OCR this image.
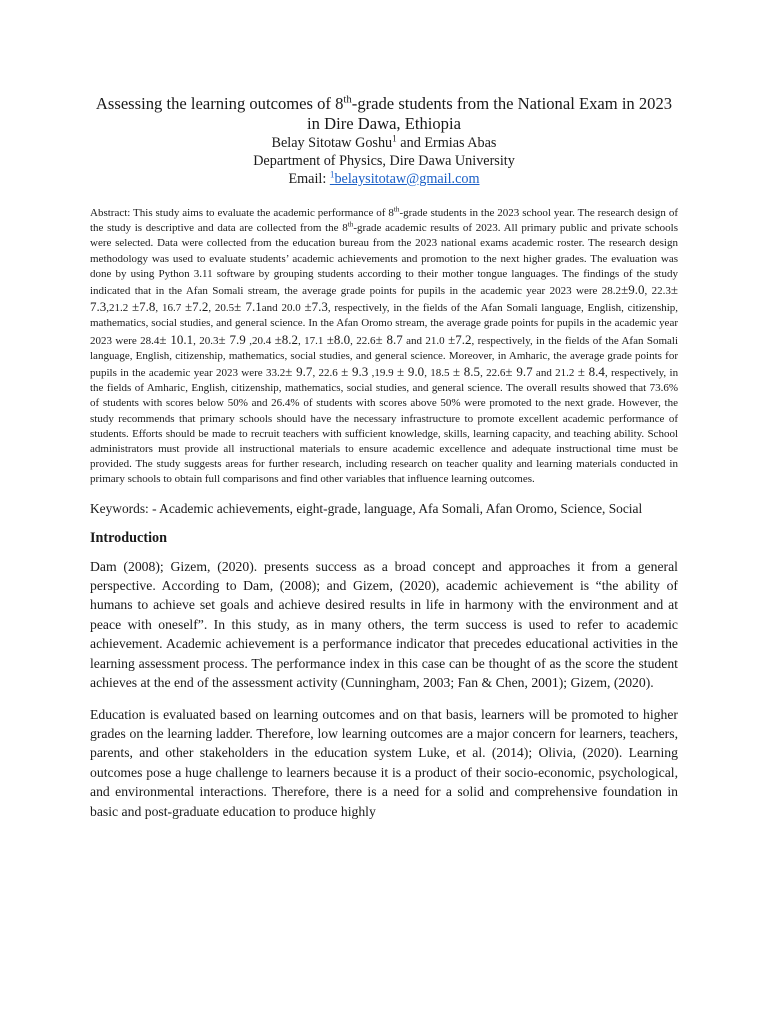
Assessing the learning outcomes of 8th-grade students from the National Exam in 2023 in Dire Dawa, Ethiopia
Belay Sitotaw Goshu$^1$ and Ermias Abas
Department of Physics, Dire Dawa University
Email: $^1$belaysitotaw@gmail.com
Abstract: This study aims to evaluate the academic performance of 8th-grade students in the 2023 school year. The research design of the study is descriptive and data are collected from the 8th-grade academic results of 2023. All primary public and private schools were selected. Data were collected from the education bureau from the 2023 national exams academic roster. The research design methodology was used to evaluate students’ academic achievements and promotion to the next higher grades. The evaluation was done by using Python 3.11 software by grouping students according to their mother tongue languages. The findings of the study indicated that in the Afan Somali stream, the average grade points for pupils in the academic year 2023 were 28.2±9.0, 22.3± 7.3,21.2 ±7.8, 16.7 ±7.2, 20.5± 7.1and 20.0 ±7.3, respectively, in the fields of the Afan Somali language, English, citizenship, mathematics, social studies, and general science. In the Afan Oromo stream, the average grade points for pupils in the academic year 2023 were 28.4± 10.1, 20.3± 7.9 ,20.4 ±8.2, 17.1 ±8.0, 22.6± 8.7 and 21.0 ±7.2, respectively, in the fields of the Afan Somali language, English, citizenship, mathematics, social studies, and general science. Moreover, in Amharic, the average grade points for pupils in the academic year 2023 were 33.2± 9.7, 22.6 ± 9.3 ,19.9 ± 9.0, 18.5 ± 8.5, 22.6± 9.7 and 21.2 ± 8.4, respectively, in the fields of Amharic, English, citizenship, mathematics, social studies, and general science. The overall results showed that 73.6% of students with scores below 50% and 26.4% of students with scores above 50% were promoted to the next grade. However, the study recommends that primary schools should have the necessary infrastructure to promote excellent academic performance of students. Efforts should be made to recruit teachers with sufficient knowledge, skills, learning capacity, and teaching ability. School administrators must provide all instructional materials to ensure academic excellence and adequate instructional time must be provided. The study suggests areas for further research, including research on teacher quality and learning materials conducted in primary schools to obtain full comparisons and find other variables that influence learning outcomes.
Keywords: - Academic achievements, eight-grade, language, Afa Somali, Afan Oromo, Science, Social
Introduction

Dam (2008); Gizem, (2020). presents success as a broad concept and approaches it from a general perspective. According to Dam, (2008); and Gizem, (2020), academic achievement is “the ability of humans to achieve set goals and achieve desired results in life in harmony with the environment and at peace with oneself”. In this study, as in many others, the term success is used to refer to academic achievement. Academic achievement is a performance indicator that precedes educational activities in the learning assessment process. The performance index in this case can be thought of as the score the student achieves at the end of the assessment activity (Cunningham, 2003; Fan & Chen, 2001); Gizem, (2020).

Education is evaluated based on learning outcomes and on that basis, learners will be promoted to higher grades on the learning ladder. Therefore, low learning outcomes are a major concern for learners, teachers, parents, and other stakeholders in the education system Luke, et al. (2014); Olivia, (2020). Learning outcomes pose a huge challenge to learners because it is a product of their socio-economic, psychological, and environmental interactions. Therefore, there is a need for a solid and comprehensive foundation in basic and post-graduate education to produce highly
